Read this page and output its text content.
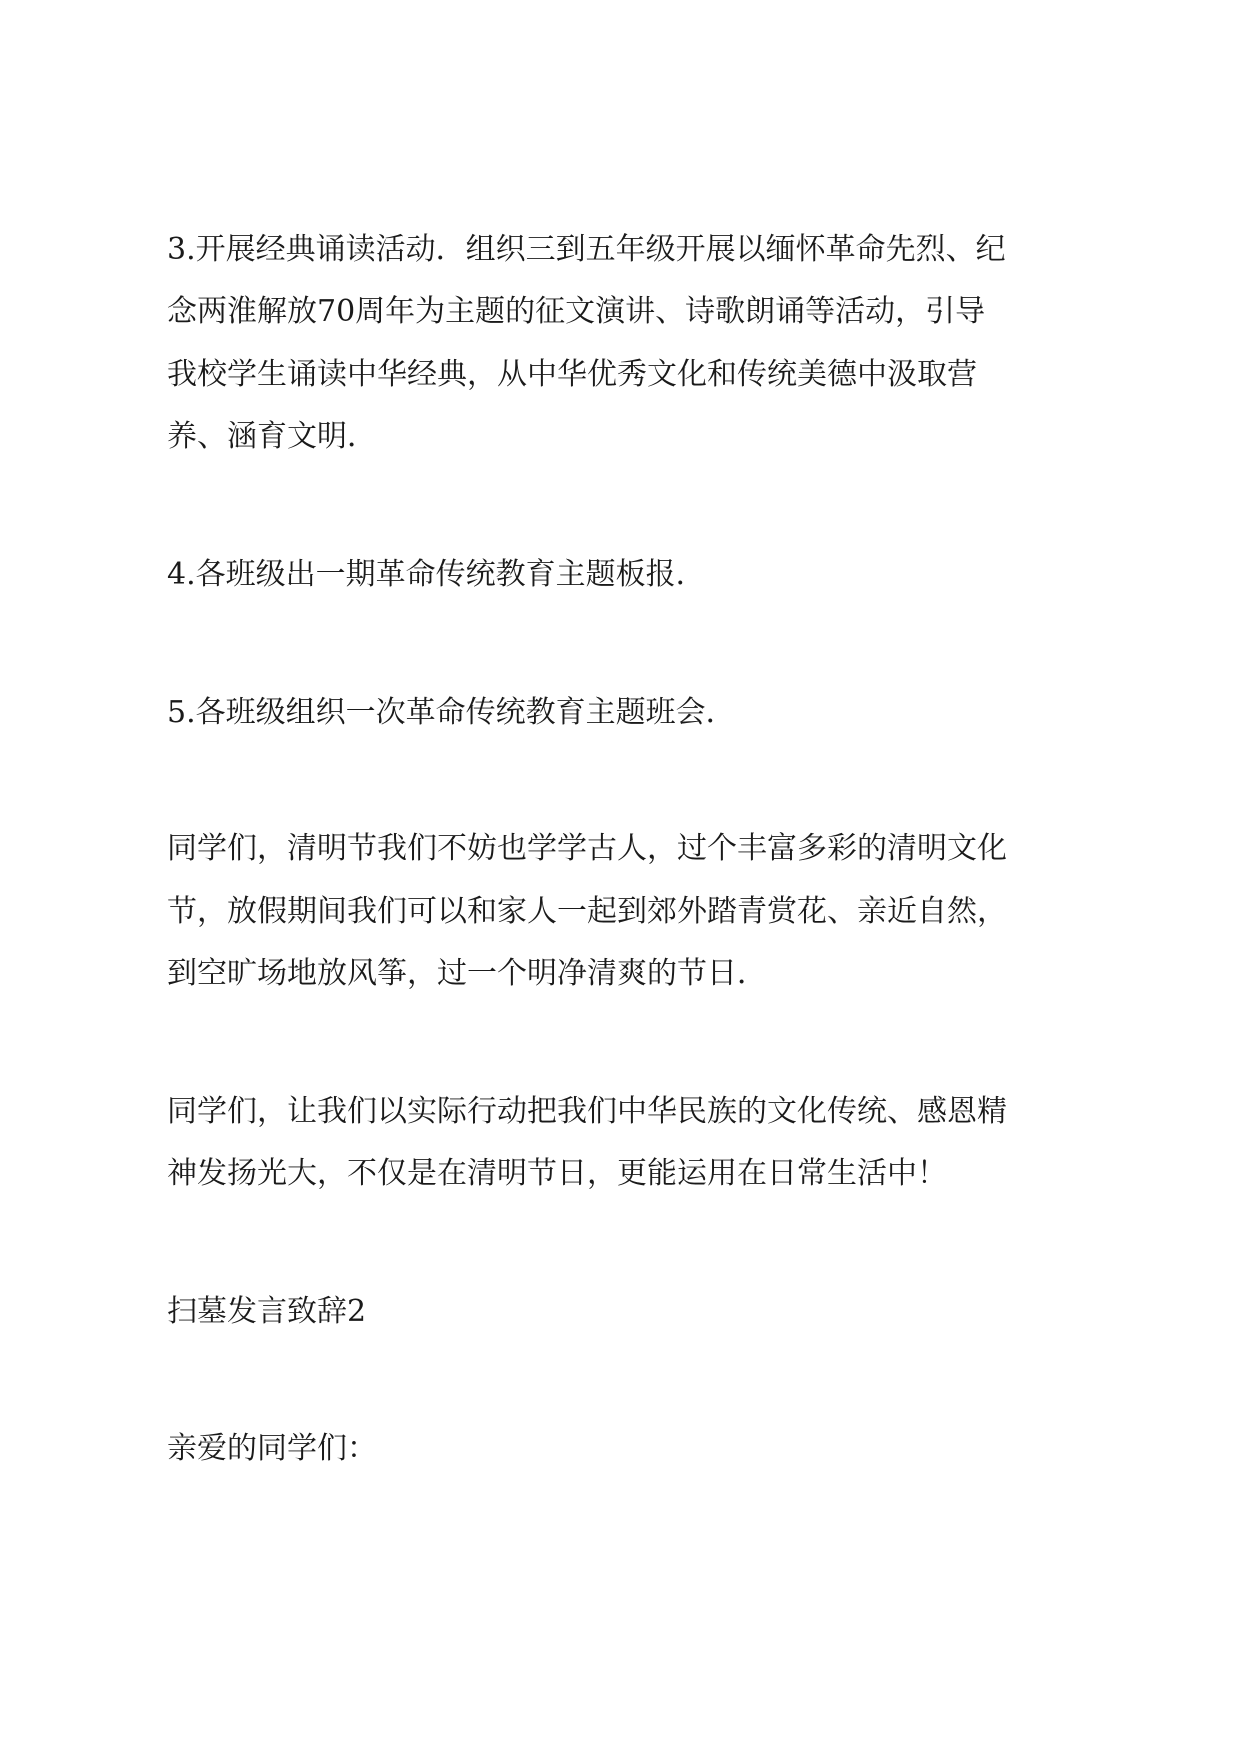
3.开展经典诵读活动．组织三到五年级开展以缅怀革命先烈、纪

念两淮解放70周年为主题的征文演讲、诗歌朗诵等活动，引导

我校学生诵读中华经典，从中华优秀文化和传统美德中汲取营

养、涵育文明．

4.各班级出一期革命传统教育主题板报．

5.各班级组织一次革命传统教育主题班会．

同学们，清明节我们不妨也学学古人，过个丰富多彩的清明文化

节，放假期间我们可以和家人一起到郊外踏青赏花、亲近自然，

到空旷场地放风筝，过一个明净清爽的节日．

同学们，让我们以实际行动把我们中华民族的文化传统、感恩精

神发扬光大，不仅是在清明节日，更能运用在日常生活中！

扫墓发言致辞2

亲爱的同学们：
